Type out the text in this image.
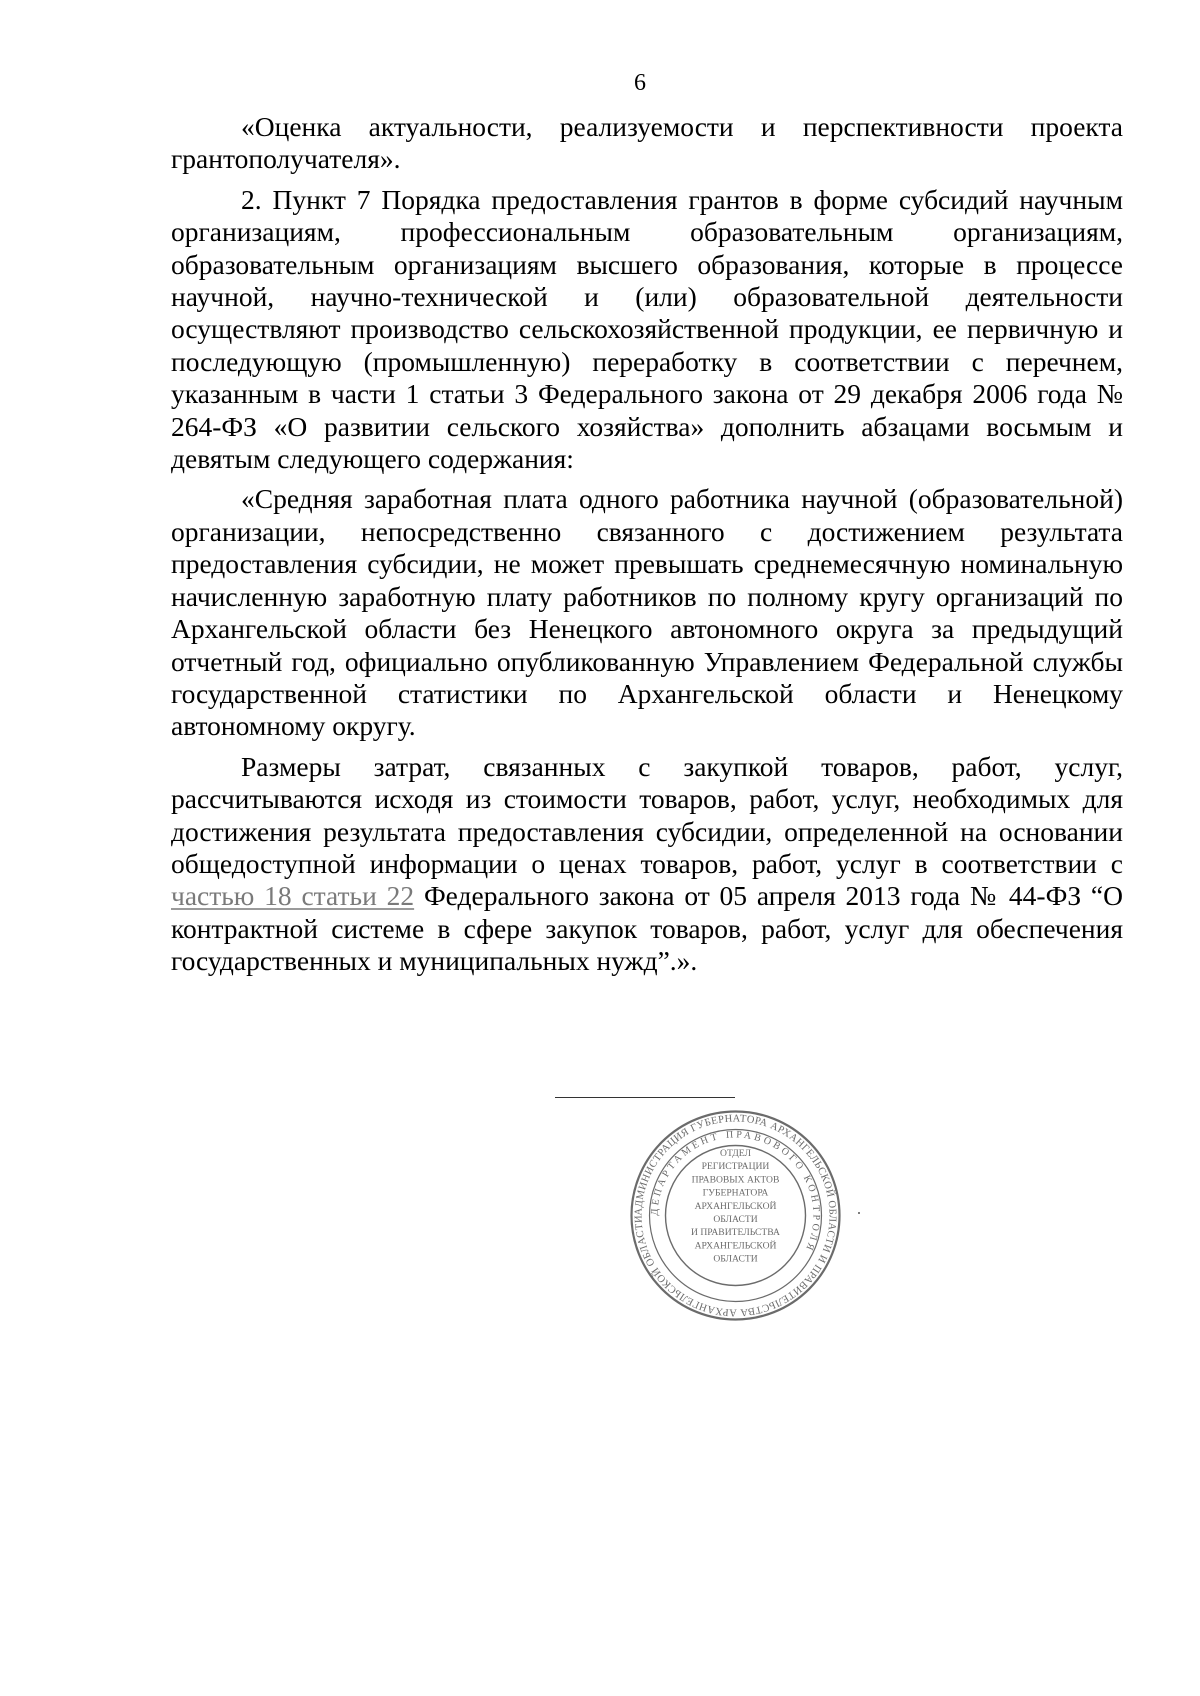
6

«Оценка актуальности, реализуемости и перспективности проекта грантополучателя».

2. Пункт 7 Порядка предоставления грантов в форме субсидий научным организациям, профессиональным образовательным организациям, образовательным организациям высшего образования, которые в процессе научной, научно-технической и (или) образовательной деятельности осуществляют производство сельскохозяйственной продукции, ее первичную и последующую (промышленную) переработку в соответствии с перечнем, указанным в части 1 статьи 3 Федерального закона от 29 декабря 2006 года № 264-ФЗ «О развитии сельского хозяйства» дополнить абзацами восьмым и девятым следующего содержания:

«Средняя заработная плата одного работника научной (образовательной) организации, непосредственно связанного с достижением результата предоставления субсидии, не может превышать среднемесячную номинальную начисленную заработную плату работников по полному кругу организаций по Архангельской области без Ненецкого автономного округа за предыдущий отчетный год, официально опубликованную Управлением Федеральной службы государственной статистики по Архангельской области и Ненецкому автономному округу.

Размеры затрат, связанных с закупкой товаров, работ, услуг, рассчитываются исходя из стоимости товаров, работ, услуг, необходимых для достижения результата предоставления субсидии, определенной на основании общедоступной информации о ценах товаров, работ, услуг в соответствии с частью 18 статьи 22 Федерального закона от 05 апреля 2013 года № 44-ФЗ “О контрактной системе в сфере закупок товаров, работ, услуг для обеспечения государственных и муниципальных нужд”.».

АДМИНИСТРАЦИЯ ГУБЕРНАТОРА АРХАНГЕЛЬСКОЙ ОБЛАСТИ И ПРАВИТЕЛЬСТВА АРХАНГЕЛЬСКОЙ ОБЛАСТИ
ДЕПАРТАМЕНТ ПРАВОВОГО КОНТРОЛЯ
ОТДЕЛ
РЕГИСТРАЦИИ
ПРАВОВЫХ АКТОВ
ГУБЕРНАТОРА
АРХАНГЕЛЬСКОЙ
ОБЛАСТИ
И ПРАВИТЕЛЬСТВА
АРХАНГЕЛЬСКОЙ
ОБЛАСТИ
